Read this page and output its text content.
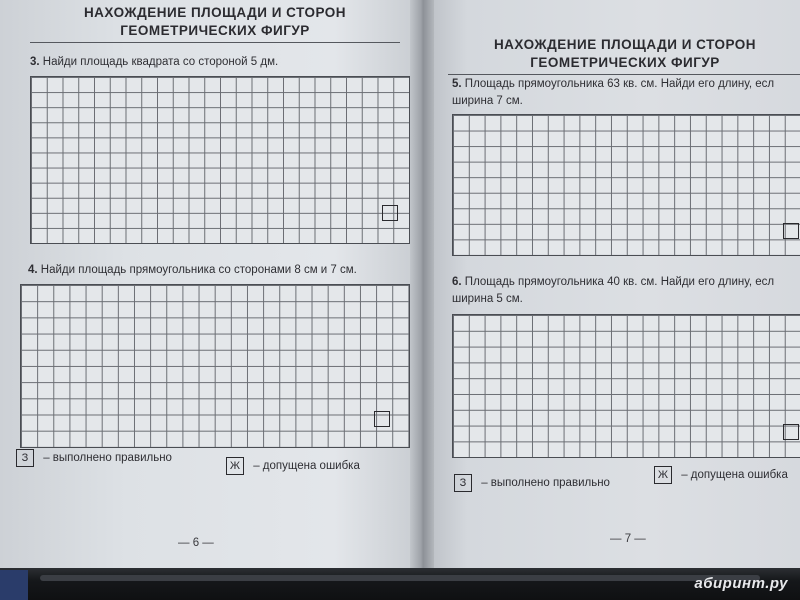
НАХОЖДЕНИЕ ПЛОЩАДИ И СТОРОН
ГЕОМЕТРИЧЕСКИХ ФИГУР
3. Найди площадь квадрата со стороной 5 дм.
4. Найди площадь прямоугольника со сторонами 8 см и 7 см.
З – выполнено правильно
Ж – допущена ошибка
— 6 —
НАХОЖДЕНИЕ ПЛОЩАДИ И СТОРОН
ГЕОМЕТРИЧЕСКИХ ФИГУР
5. Площадь прямоугольника 63 кв. см. Найди его длину, есл
ширина 7 см.
6. Площадь прямоугольника 40 кв. см. Найди его длину, есл
ширина 5 см.
З – выполнено правильно
Ж – допущена ошибка
— 7 —
абиринт.ру
